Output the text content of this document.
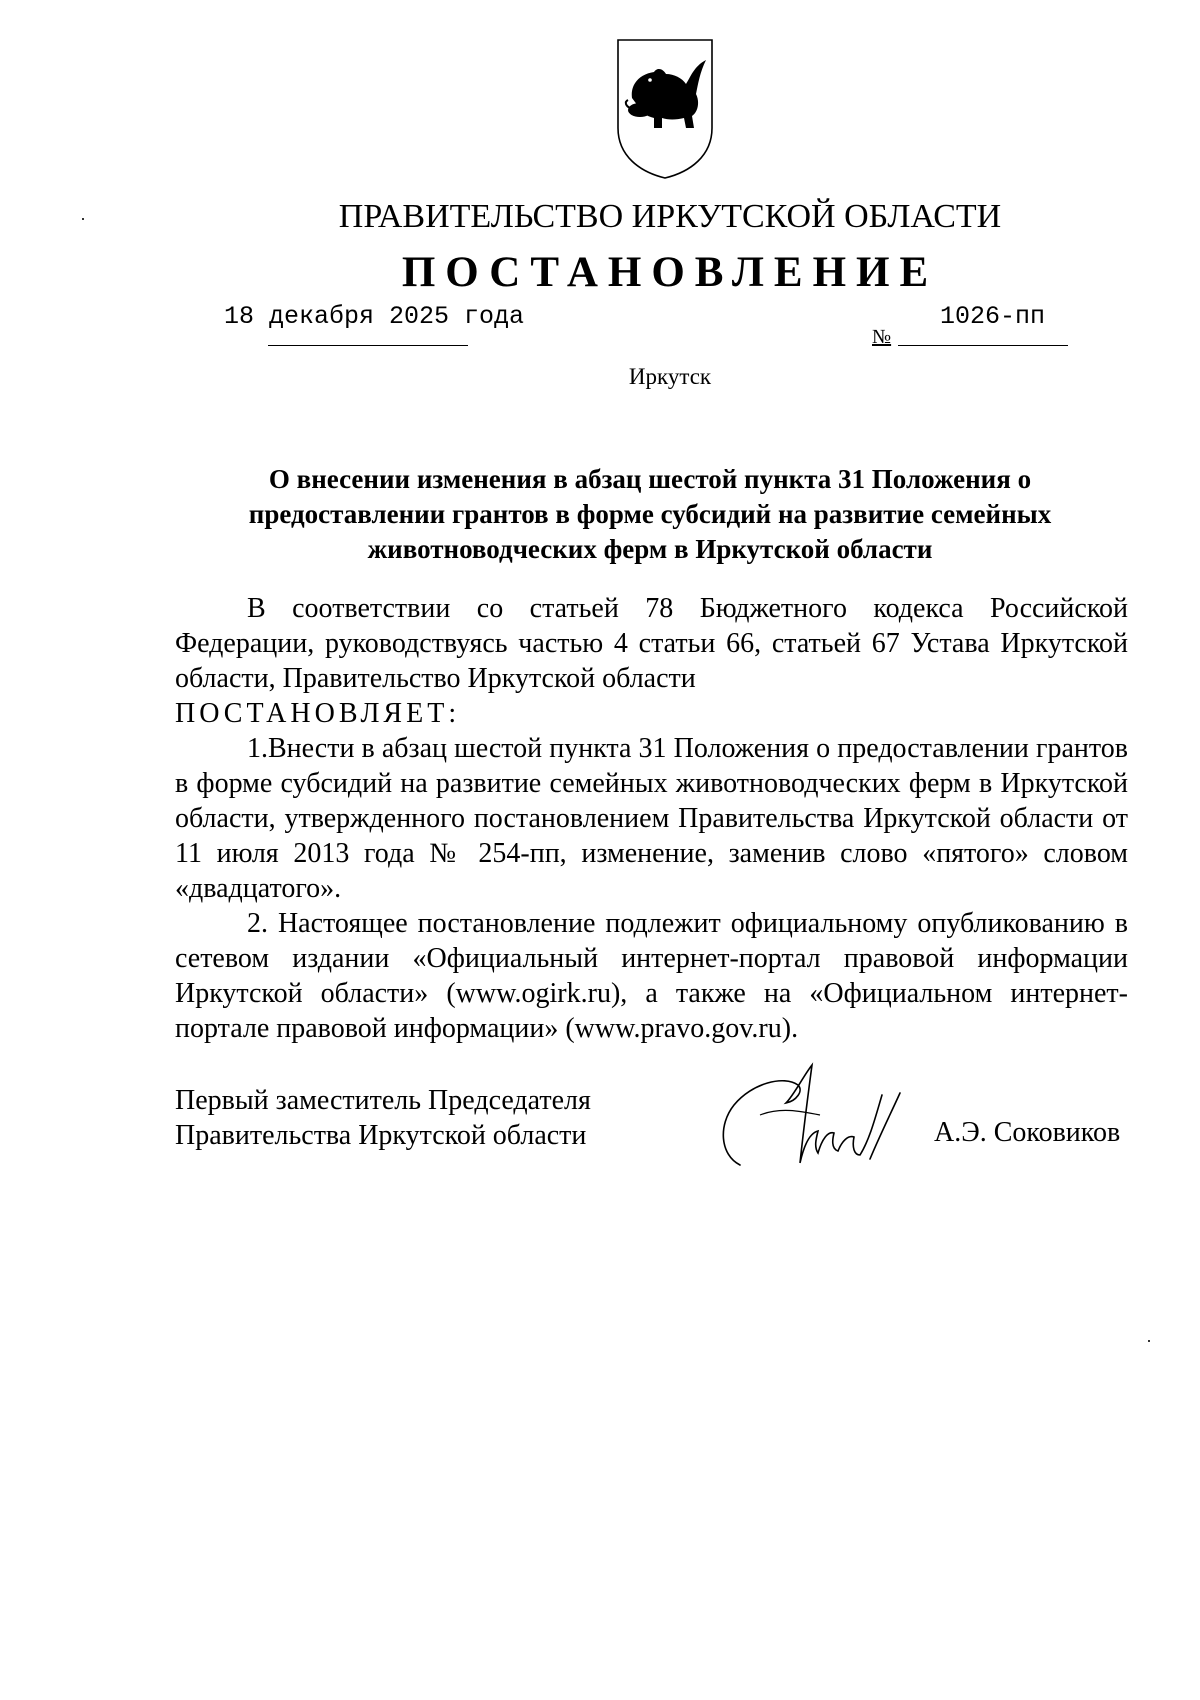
ПРАВИТЕЛЬСТВО ИРКУТСКОЙ ОБЛАСТИ
ПОСТАНОВЛЕНИЕ
18 декабря 2025 года
№
1026-пп
Иркутск
О внесении изменения в абзац шестой пункта 31 Положения о
предоставлении грантов в форме субсидий на развитие семейных
животноводческих ферм в Иркутской области

В соответствии со статьей 78 Бюджетного кодекса Российской Федерации, руководствуясь частью 4 статьи 66, статьей 67 Устава Иркутской области, Правительство Иркутской области

ПОСТАНОВЛЯЕТ:

1.Внести в абзац шестой пункта 31 Положения о предоставлении грантов в форме субсидий на развитие семейных животноводческих ферм в Иркутской области, утвержденного постановлением Правительства Иркутской области от 11 июля 2013 года № 254-пп, изменение, заменив слово «пятого» словом «двадцатого».

2. Настоящее постановление подлежит официальному опубликованию в сетевом издании «Официальный интернет-портал правовой информации Иркутской области» (www.ogirk.ru), а также на «Официальном интернет-портале правовой информации» (www.pravo.gov.ru).

Первый заместитель Председателя
Правительства Иркутской области	А.Э. Соковиков
